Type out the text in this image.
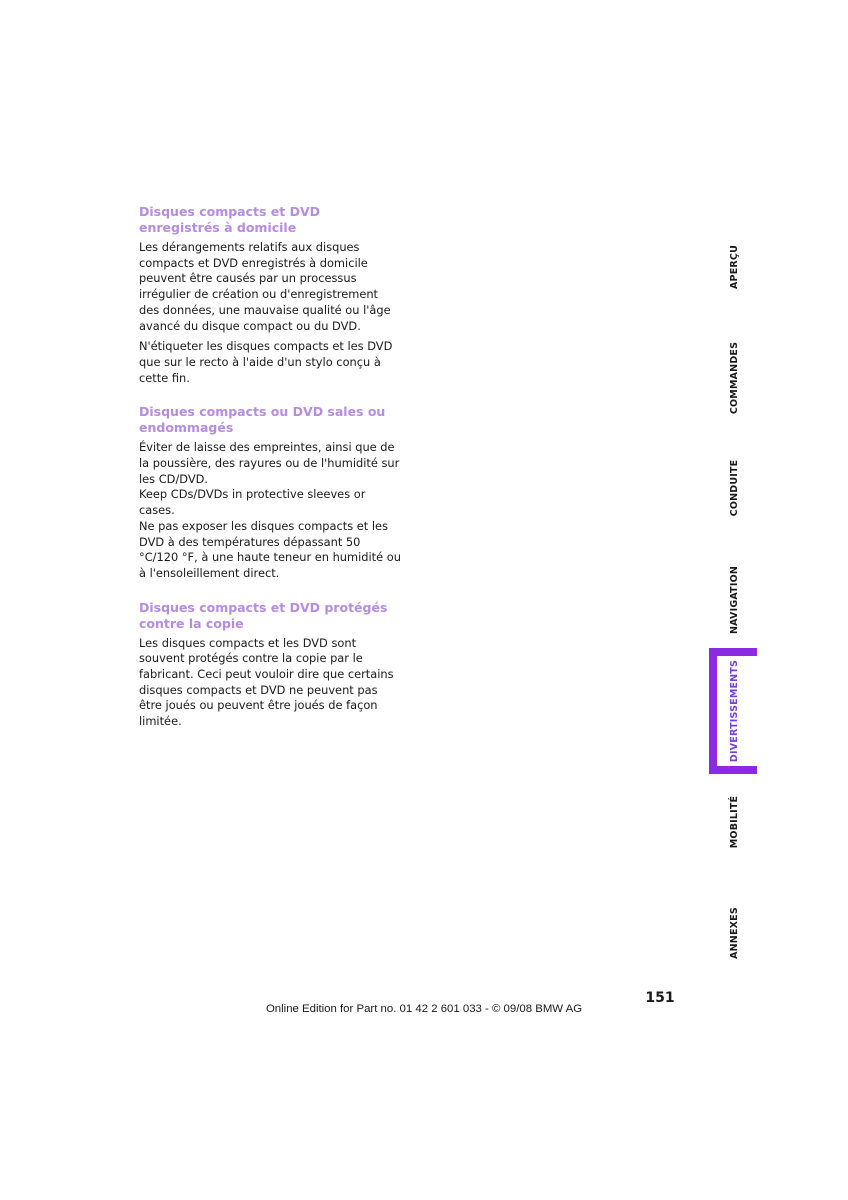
Disques compacts et DVD enregistrés à domicile

Les dérangements relatifs aux disques compacts et DVD enregistrés à domicile peuvent être causés par un processus irrégulier de création ou d'enregistrement des données, une mauvaise qualité ou l'âge avancé du disque compact ou du DVD.

N'étiqueter les disques compacts et les DVD que sur le recto à l'aide d'un stylo conçu à cette fin.

Disques compacts ou DVD sales ou endommagés

Éviter de laisse des empreintes, ainsi que de la poussière, des rayures ou de l'humidité sur les CD/DVD.

Keep CDs/DVDs in protective sleeves or cases.

Ne pas exposer les disques compacts et les DVD à des températures dépassant 50 °C/120 °F, à une haute teneur en humidité ou à l'ensoleillement direct.

Disques compacts et DVD protégés contre la copie

Les disques compacts et les DVD sont souvent protégés contre la copie par le fabricant. Ceci peut vouloir dire que certains disques compacts et DVD ne peuvent pas être joués ou peuvent être joués de façon limitée.

APERÇU
COMMANDES
CONDUITE
NAVIGATION
DIVERTISSEMENTS
MOBILITÉ
ANNEXES
151
Online Edition for Part no. 01 42 2 601 033 - © 09/08 BMW AG
